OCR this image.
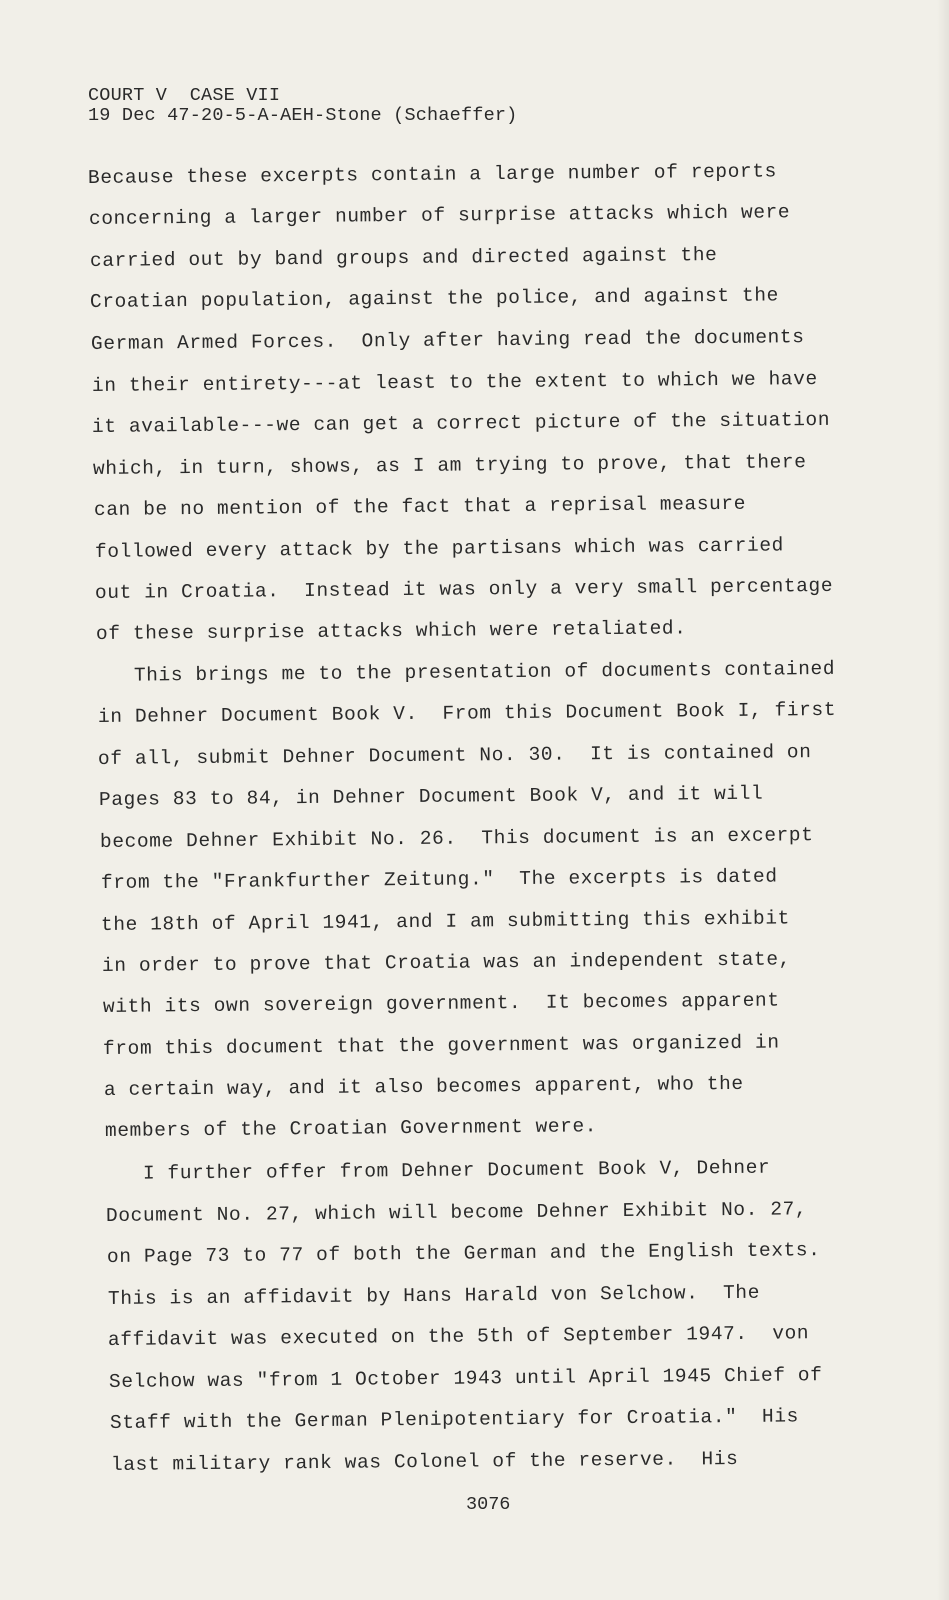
COURT V  CASE VII
19 Dec 47-20-5-A-AEH-Stone (Schaeffer)
Because these excerpts contain a large number of reports
concerning a larger number of surprise attacks which were
carried out by band groups and directed against the
Croatian population, against the police, and against the
German Armed Forces.  Only after having read the documents
in their entirety---at least to the extent to which we have
it available---we can get a correct picture of the situation
which, in turn, shows, as I am trying to prove, that there
can be no mention of the fact that a reprisal measure
followed every attack by the partisans which was carried
out in Croatia.  Instead it was only a very small percentage
of these surprise attacks which were retaliated.
This brings me to the presentation of documents contained
in Dehner Document Book V.  From this Document Book I, first
of all, submit Dehner Document No. 30.  It is contained on
Pages 83 to 84, in Dehner Document Book V, and it will
become Dehner Exhibit No. 26.  This document is an excerpt
from the "Frankfurther Zeitung."  The excerpts is dated
the 18th of April 1941, and I am submitting this exhibit
in order to prove that Croatia was an independent state,
with its own sovereign government.  It becomes apparent
from this document that the government was organized in
a certain way, and it also becomes apparent, who the
members of the Croatian Government were.
I further offer from Dehner Document Book V, Dehner
Document No. 27, which will become Dehner Exhibit No. 27,
on Page 73 to 77 of both the German and the English texts.
This is an affidavit by Hans Harald von Selchow.  The
affidavit was executed on the 5th of September 1947.  von
Selchow was "from 1 October 1943 until April 1945 Chief of
Staff with the German Plenipotentiary for Croatia."  His
last military rank was Colonel of the reserve.  His
3076
